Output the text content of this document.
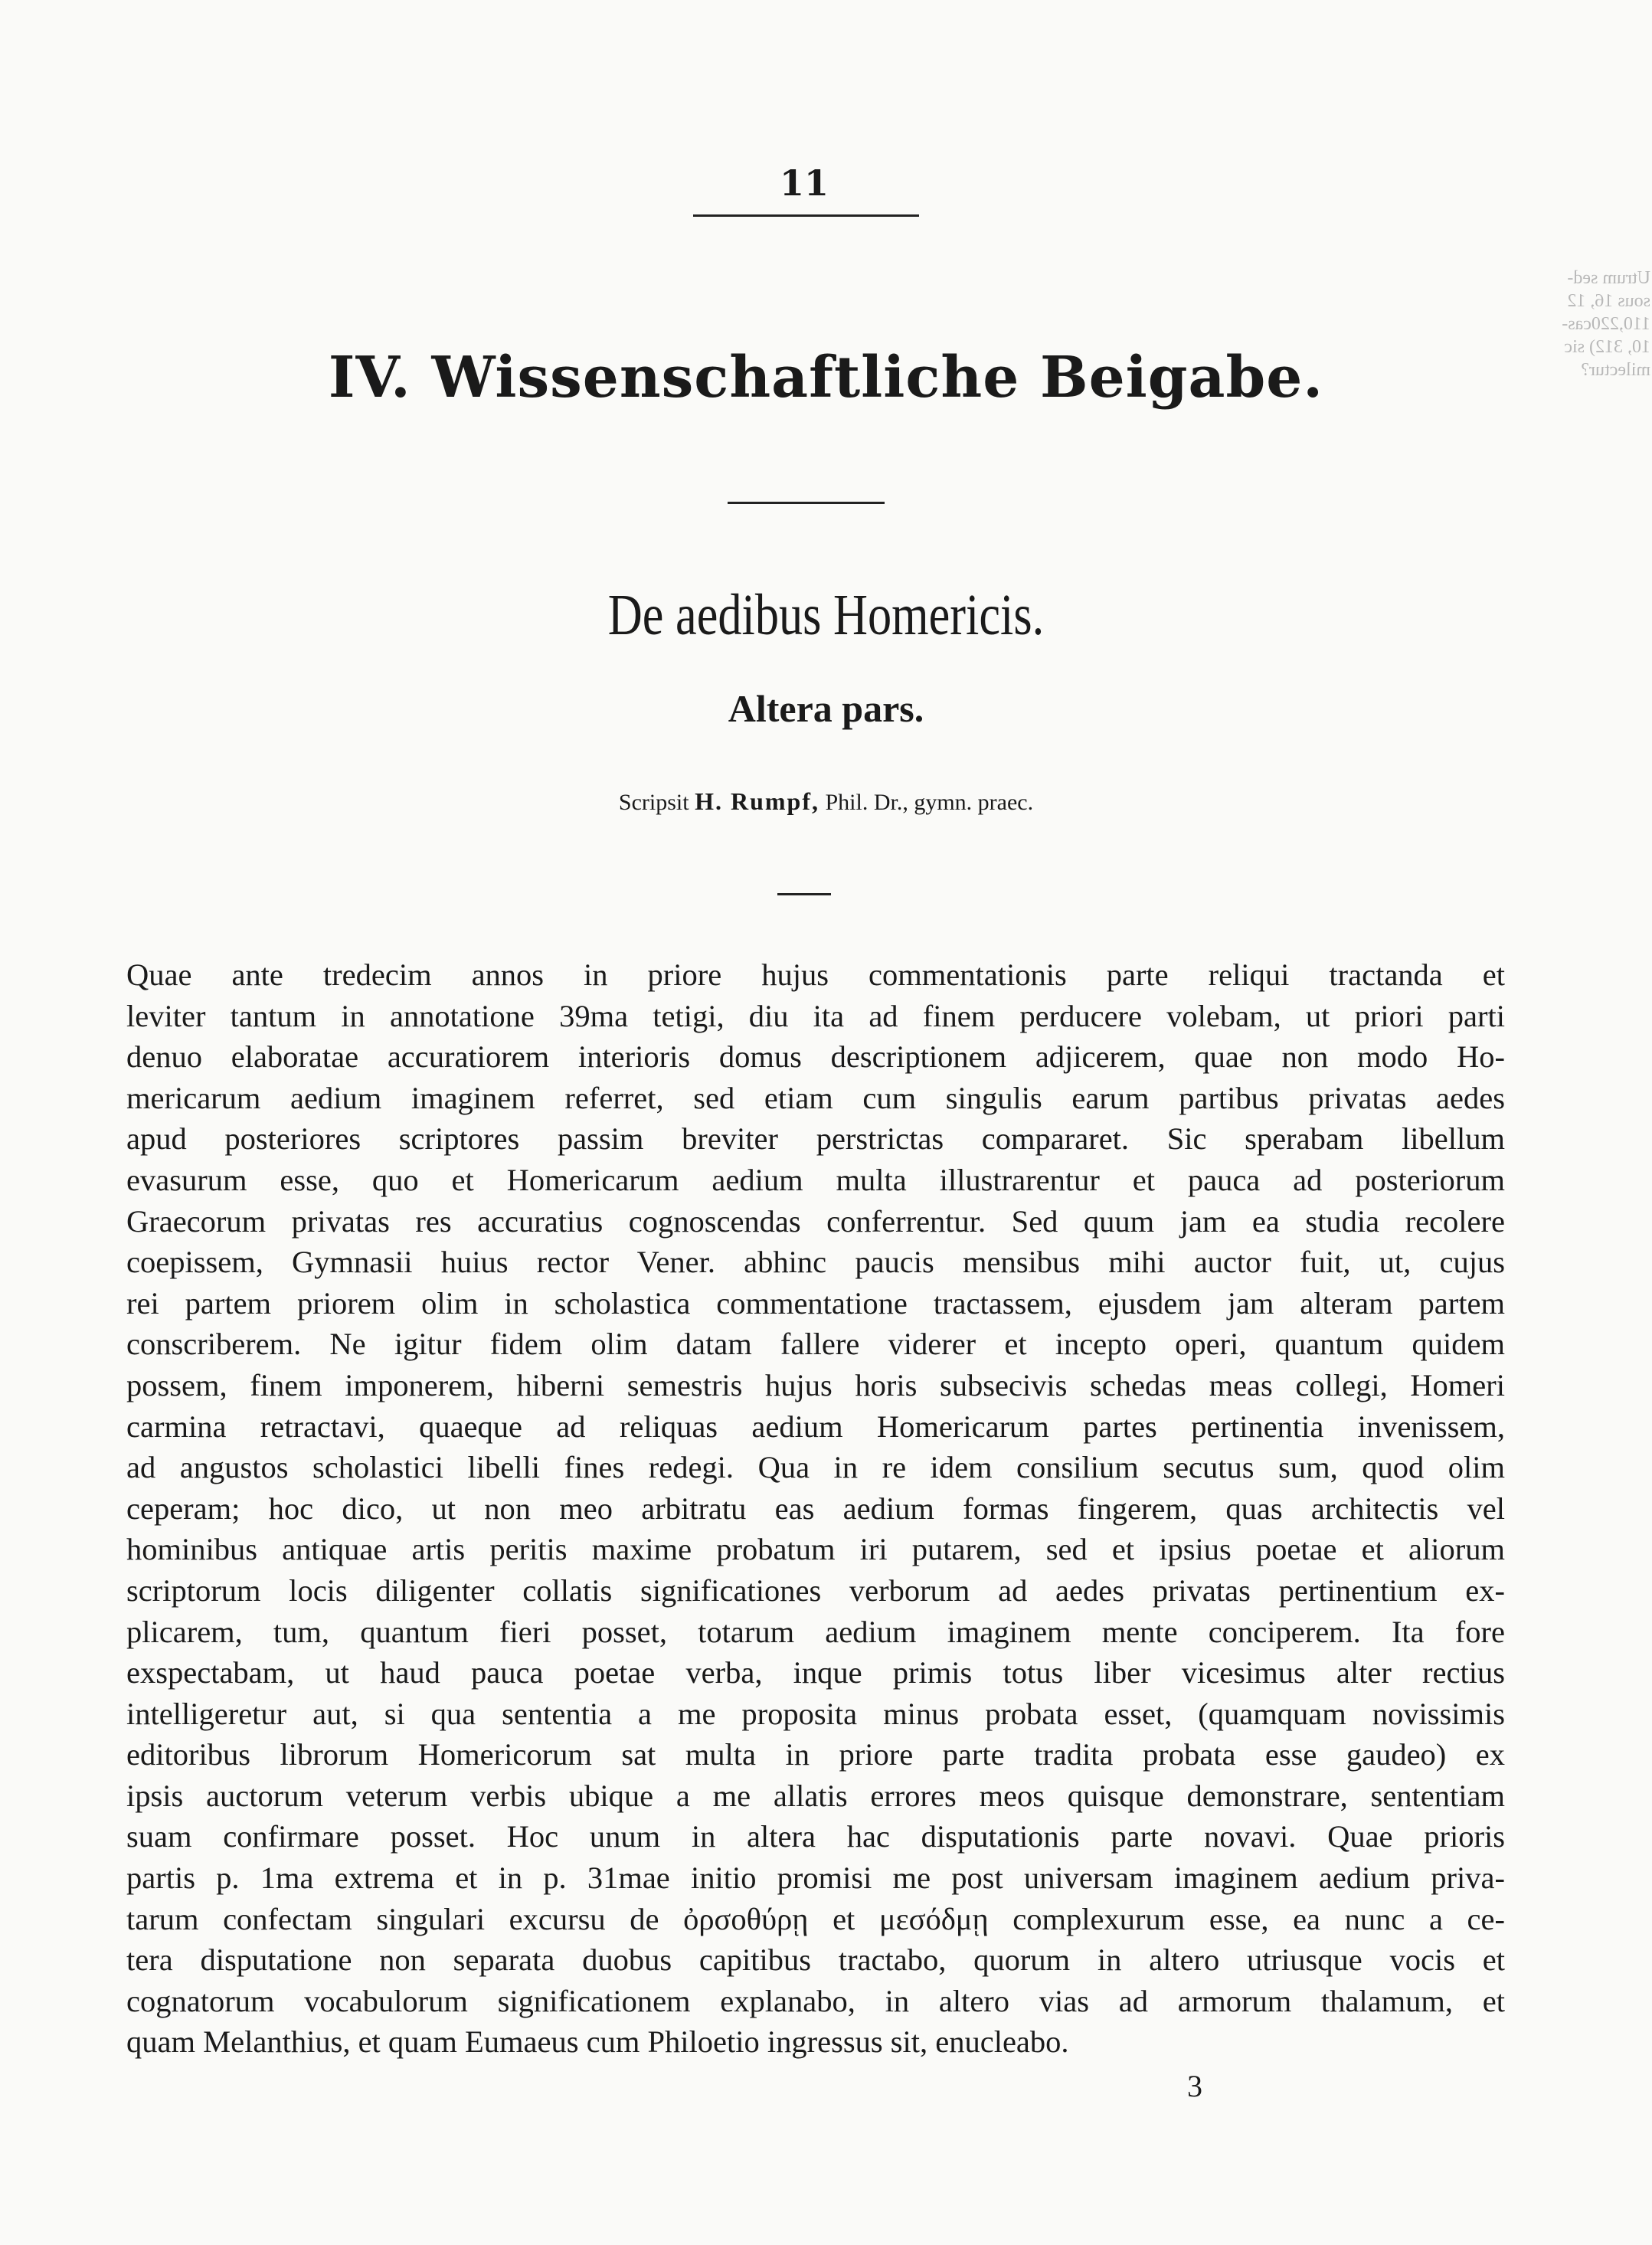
11
IV. Wissenschaftliche Beigabe.
De aedibus Homericis.
Altera pars.
Scripsit H. Rumpf, Phil. Dr., gymn. praec.
Quae ante tredecim annos in priore hujus commentationis parte reliqui tractanda et
leviter tantum in annotatione 39ma tetigi, diu ita ad finem perducere volebam, ut priori parti
denuo elaboratae accuratiorem interioris domus descriptionem adjicerem, quae non modo Ho-
mericarum aedium imaginem referret, sed etiam cum singulis earum partibus privatas aedes
apud posteriores scriptores passim breviter perstrictas compararet. Sic sperabam libellum
evasurum esse, quo et Homericarum aedium multa illustrarentur et pauca ad posteriorum
Graecorum privatas res accuratius cognoscendas conferrentur. Sed quum jam ea studia recolere
coepissem, Gymnasii huius rector Vener. abhinc paucis mensibus mihi auctor fuit, ut, cujus
rei partem priorem olim in scholastica commentatione tractassem, ejusdem jam alteram partem
conscriberem. Ne igitur fidem olim datam fallere viderer et incepto operi, quantum quidem
possem, finem imponerem, hiberni semestris hujus horis subsecivis schedas meas collegi, Homeri
carmina retractavi, quaeque ad reliquas aedium Homericarum partes pertinentia invenissem,
ad angustos scholastici libelli fines redegi. Qua in re idem consilium secutus sum, quod olim
ceperam; hoc dico, ut non meo arbitratu eas aedium formas fingerem, quas architectis vel
hominibus antiquae artis peritis maxime probatum iri putarem, sed et ipsius poetae et aliorum
scriptorum locis diligenter collatis significationes verborum ad aedes privatas pertinentium ex-
plicarem, tum, quantum fieri posset, totarum aedium imaginem mente conciperem. Ita fore
exspectabam, ut haud pauca poetae verba, inque primis totus liber vicesimus alter rectius
intelligeretur aut, si qua sententia a me proposita minus probata esset, (quamquam novissimis
editoribus librorum Homericorum sat multa in priore parte tradita probata esse gaudeo) ex
ipsis auctorum veterum verbis ubique a me allatis errores meos quisque demonstrare, sententiam
suam confirmare posset. Hoc unum in altera hac disputationis parte novavi. Quae prioris
partis p. 1ma extrema et in p. 31mae initio promisi me post universam imaginem aedium priva-
tarum confectam singulari excursu de ὀρσοθύρῃ et μεσόδμῃ complexurum esse, ea nunc a ce-
tera disputatione non separata duobus capitibus tractabo, quorum in altero utriusque vocis et
cognatorum vocabulorum significationem explanabo, in altero vias ad armorum thalamum, et
quam Melanthius, et quam Eumaeus cum Philoetio ingressus sit, enucleabo.
3
Utrum sed-
sous 16, 12
110,220cas-
10, 312) sic
milectur?
